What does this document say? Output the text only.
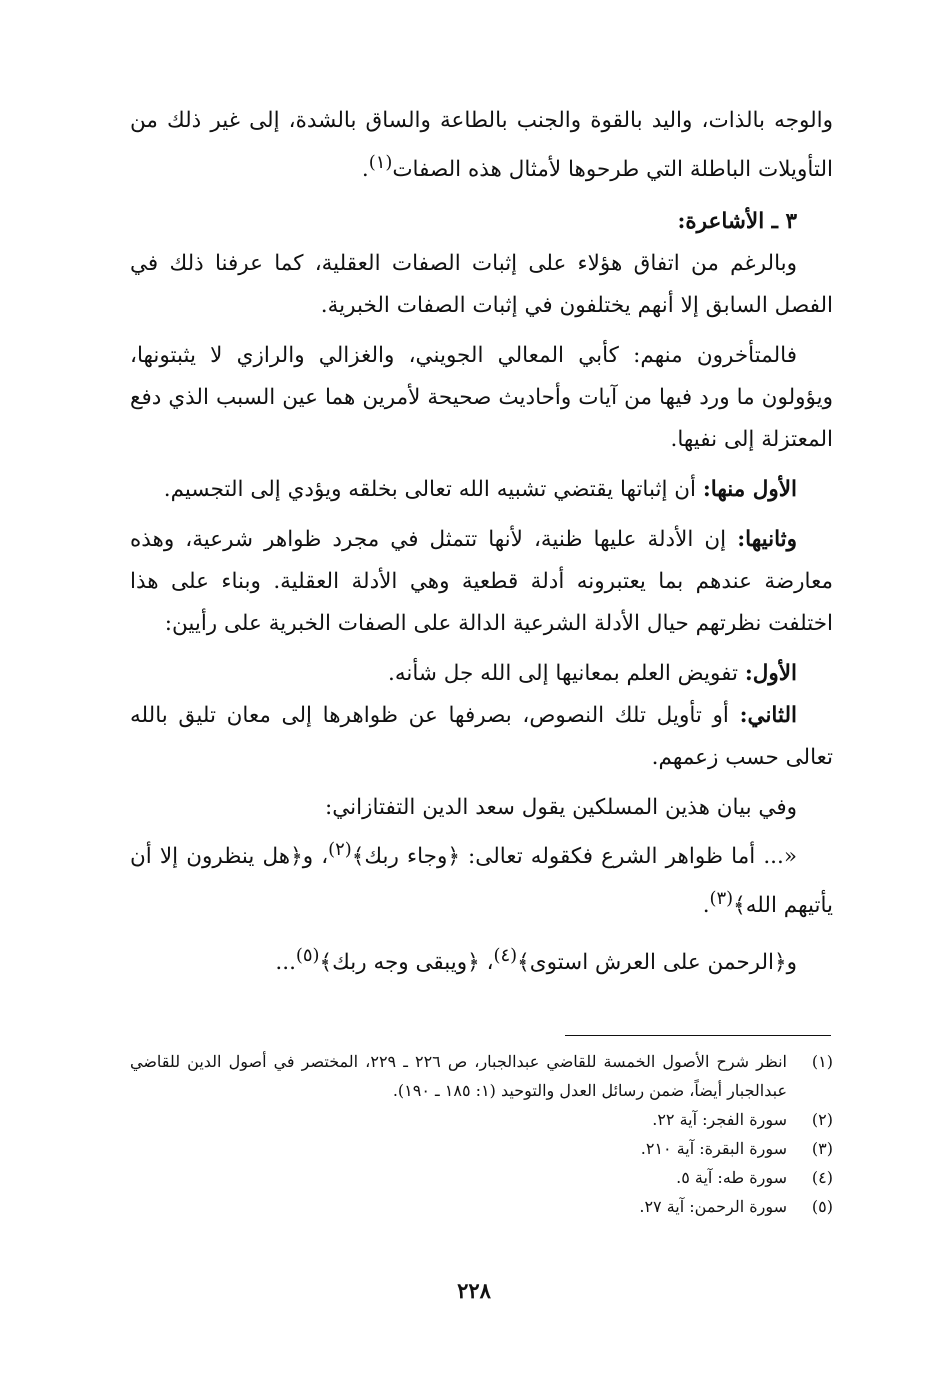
والوجه بالذات، واليد بالقوة والجنب بالطاعة والساق بالشدة، إلى غير ذلك من التأويلات الباطلة التي طرحوها لأمثال هذه الصفات$^{(١)}$.

٣ ـ الأشاعرة:

وبالرغم من اتفاق هؤلاء على إثبات الصفات العقلية، كما عرفنا ذلك في الفصل السابق إلا أنهم يختلفون في إثبات الصفات الخبرية.

فالمتأخرون منهم: كأبي المعالي الجويني، والغزالي والرازي لا يثبتونها، ويؤولون ما ورد فيها من آيات وأحاديث صحيحة لأمرين هما عين السبب الذي دفع المعتزلة إلى نفيها.

الأول منها: أن إثباتها يقتضي تشبيه الله تعالى بخلقه ويؤدي إلى التجسيم.

وثانيها: إن الأدلة عليها ظنية، لأنها تتمثل في مجرد ظواهر شرعية، وهذه معارضة عندهم بما يعتبرونه أدلة قطعية وهي الأدلة العقلية. وبناء على هذا اختلفت نظرتهم حيال الأدلة الشرعية الدالة على الصفات الخبرية على رأيين:

الأول: تفويض العلم بمعانيها إلى الله جل شأنه.

الثاني: أو تأويل تلك النصوص، بصرفها عن ظواهرها إلى معان تليق بالله تعالى حسب زعمهم.

وفي بيان هذين المسلكين يقول سعد الدين التفتازاني:

«... أما ظواهر الشرع فكقوله تعالى: ﴿وجاء ربك﴾$^{(٢)}$، و﴿هل ينظرون إلا أن يأتيهم الله﴾$^{(٣)}$.

و﴿الرحمن على العرش استوى﴾$^{(٤)}$، ﴿ويبقى وجه ربك﴾$^{(٥)}$...

(١)
انظر شرح الأصول الخمسة للقاضي عبدالجبار، ص ٢٢٦ ـ ٢٢٩، المختصر في أصول الدين للقاضي عبدالجبار أيضاً، ضمن رسائل العدل والتوحيد (١: ١٨٥ ـ ١٩٠).
(٢)
سورة الفجر: آية ٢٢.
(٣)
سورة البقرة: آية ٢١٠.
(٤)
سورة طه: آية ٥.
(٥)
سورة الرحمن: آية ٢٧.
٢٢٨
